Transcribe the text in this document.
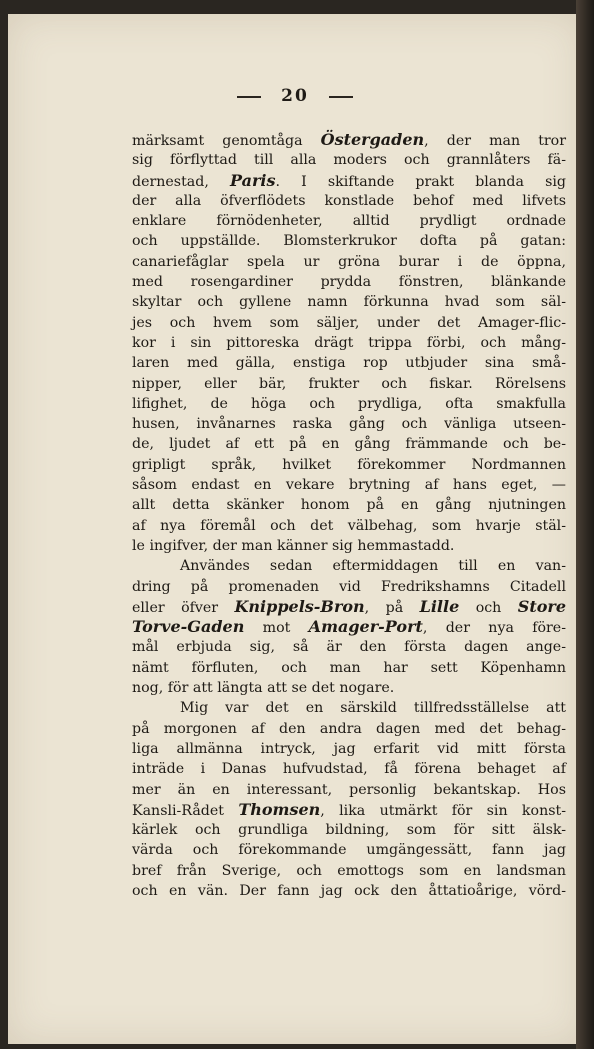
20
märksamt genomtåga Östergaden, der man tror
sig förflyttad till alla moders och grannlåters fä-
dernestad, Paris. I skiftande prakt blanda sig
der alla öfverflödets konstlade behof med lifvets
enklare förnödenheter, alltid prydligt ordnade
och uppställde. Blomsterkrukor dofta på gatan:
canariefåglar spela ur gröna burar i de öppna,
med rosengardiner prydda fönstren, blänkande
skyltar och gyllene namn förkunna hvad som säl-
jes och hvem som säljer, under det Amager-flic-
kor i sin pittoreska drägt trippa förbi, och mång-
laren med gälla, enstiga rop utbjuder sina små-
nipper, eller bär, frukter och fiskar. Rörelsens
lifighet, de höga och prydliga, ofta smakfulla
husen, invånarnes raska gång och vänliga utseen-
de, ljudet af ett på en gång främmande och be-
gripligt språk, hvilket förekommer Nordmannen
såsom endast en vekare brytning af hans eget, —
allt detta skänker honom på en gång njutningen
af nya föremål och det välbehag, som hvarje stäl-
le ingifver, der man känner sig hemmastadd.
Användes sedan eftermiddagen till en van-
dring på promenaden vid Fredrikshamns Citadell
eller öfver Knippels-Bron, på Lille och Store
Torve-Gaden mot Amager-Port, der nya före-
mål erbjuda sig, så är den första dagen ange-
nämt förfluten, och man har sett Köpenhamn
nog, för att längta att se det nogare.
Mig var det en särskild tillfredsställelse att
på morgonen af den andra dagen med det behag-
liga allmänna intryck, jag erfarit vid mitt första
inträde i Danas hufvudstad, få förena behaget af
mer än en interessant, personlig bekantskap. Hos
Kansli-Rådet Thomsen, lika utmärkt för sin konst-
kärlek och grundliga bildning, som för sitt älsk-
värda och förekommande umgängessätt, fann jag
bref från Sverige, och emottogs som en landsman
och en vän. Der fann jag ock den åttatioårige, vörd-
